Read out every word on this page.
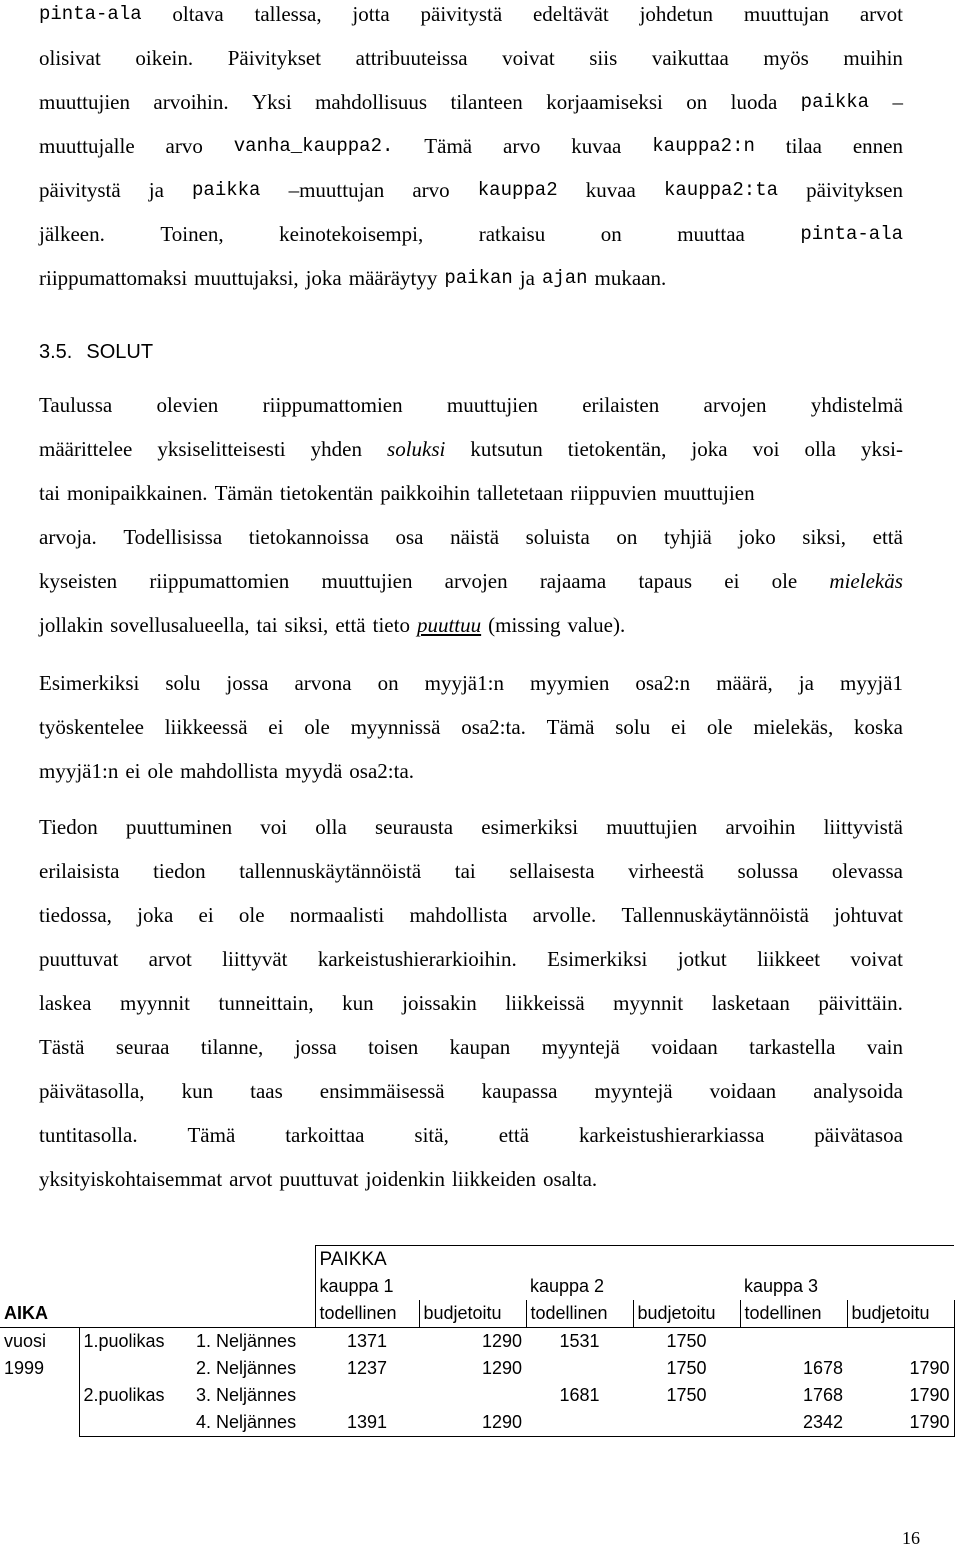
pinta-ala oltava tallessa, jotta päivitystä edeltävät johdetun muuttujan arvot
olisivat oikein. Päivitykset attribuuteissa voivat siis vaikuttaa myös muihin
muuttujien arvoihin. Yksi mahdollisuus tilanteen korjaamiseksi on luoda paikka –
muuttujalle arvo vanha_kauppa2. Tämä arvo kuvaa kauppa2:n tilaa ennen
päivitystä ja paikka –muuttujan arvo kauppa2 kuvaa kauppa2:ta päivityksen
jälkeen.	Toinen,	keinotekoisempi,	ratkaisu	on	muuttaa	pinta-ala
riippumattomaksi muuttujaksi, joka määräytyy paikan ja ajan mukaan.
3.5. SOLUT
Taulussa olevien riippumattomien muuttujien erilaisten arvojen yhdistelmä
määrittelee yksiselitteisesti yhden soluksi kutsutun tietokentän, joka voi olla yksi-
tai monipaikkainen. Tämän tietokentän paikkoihin talletetaan riippuvien muuttujien
arvoja. Todellisissa tietokannoissa osa näistä soluista on tyhjiä joko siksi, että
kyseisten riippumattomien muuttujien arvojen rajaama tapaus ei ole mielekäs
jollakin sovellusalueella, tai siksi, että tieto puuttuu (missing value).
Esimerkiksi solu jossa arvona on myyjä1:n myymien osa2:n määrä, ja myyjä1
työskentelee liikkeessä ei ole myynnissä osa2:ta. Tämä solu ei ole mielekäs, koska
myyjä1:n ei ole mahdollista myydä osa2:ta.
Tiedon puuttuminen voi olla seurausta esimerkiksi muuttujien arvoihin liittyvistä
erilaisista tiedon tallennuskäytännöistä tai sellaisesta virheestä solussa olevassa
tiedossa, joka ei ole normaalisti mahdollista arvolle. Tallennuskäytännöistä johtuvat
puuttuvat arvot liittyvät karkeistushierarkioihin. Esimerkiksi jotkut liikkeet voivat
laskea myynnit tunneittain, kun joissakin liikkeissä myynnit lasketaan päivittäin.
Tästä seuraa tilanne, jossa toisen kaupan myyntejä voidaan tarkastella vain
päivätasolla, kun taas ensimmäisessä kaupassa myyntejä voidaan analysoida
tuntitasolla. Tämä tarkoittaa sitä, että karkeistushierarkiassa päivätasoa
yksityiskohtaisemmat arvot puuttuvat joidenkin liikkeiden osalta.
			PAIKKA					
			kauppa 1		kauppa 2		kauppa 3	
AIKA			todellinen	budjetoitu	todellinen	budjetoitu	todellinen	budjetoitu
vuosi	1.puolikas	1. Neljännes	1371	1290	1531	1750		
1999		2. Neljännes	1237	1290		1750	1678	1790
	2.puolikas	3. Neljännes			1681	1750	1768	1790
		4. Neljännes	1391	1290			2342	1790
16
